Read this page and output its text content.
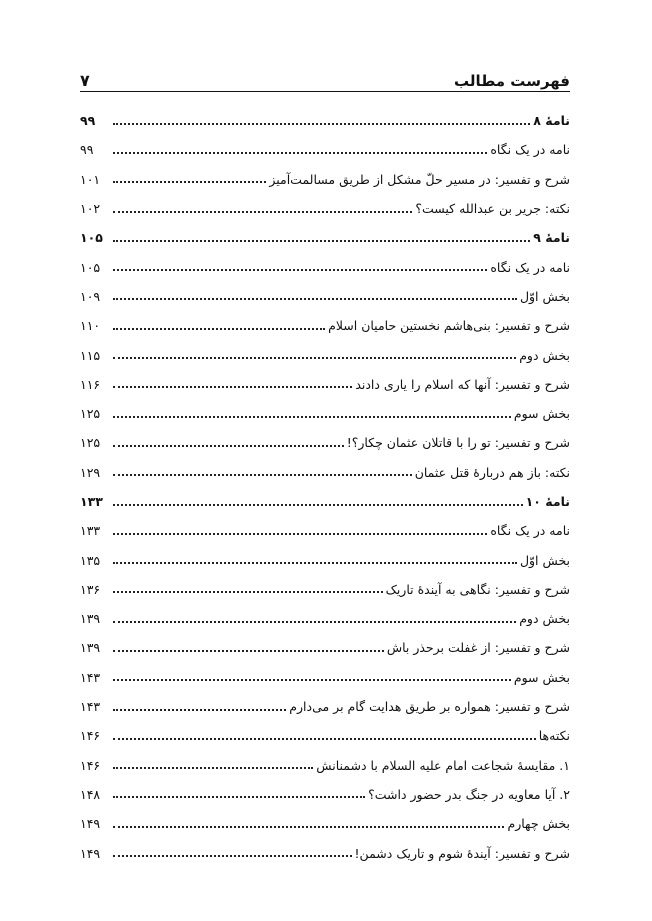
فهرست مطالب
۷
نامۀ ۸
۹۹
نامه در یک نگاه
۹۹
شرح و تفسیر: در مسیر حلّ مشکل از طریق مسالمت‌آمیز
۱۰۱
نکته: جریر بن عبدالله کیست؟
۱۰۲
نامۀ ۹
۱۰۵
نامه در یک نگاه
۱۰۵
بخش اوّل
۱۰۹
شرح و تفسیر: بنی‌هاشم نخستین حامیان اسلام
۱۱۰
بخش دوم
۱۱۵
شرح و تفسیر: آنها که اسلام را یاری دادند
۱۱۶
بخش سوم
۱۲۵
شرح و تفسیر: تو را با قاتلان عثمان چکار؟!
۱۲۵
نکته: باز هم دربارۀ قتل عثمان
۱۲۹
نامۀ ۱۰
۱۳۳
نامه در یک نگاه
۱۳۳
بخش اوّل
۱۳۵
شرح و تفسیر: نگاهی به آیندۀ تاریک
۱۳۶
بخش دوم
۱۳۹
شرح و تفسیر: از غفلت برحذر باش
۱۳۹
بخش سوم
۱۴۳
شرح و تفسیر: همواره بر طریق هدایت گام بر می‌دارم
۱۴۳
نکته‌ها
۱۴۶
۱. مقایسۀ شجاعت امام علیه السلام با دشمنانش
۱۴۶
۲. آیا معاویه در جنگ بدر حضور داشت؟
۱۴۸
بخش چهارم
۱۴۹
شرح و تفسیر: آیندۀ شوم و تاریک دشمن!
۱۴۹
